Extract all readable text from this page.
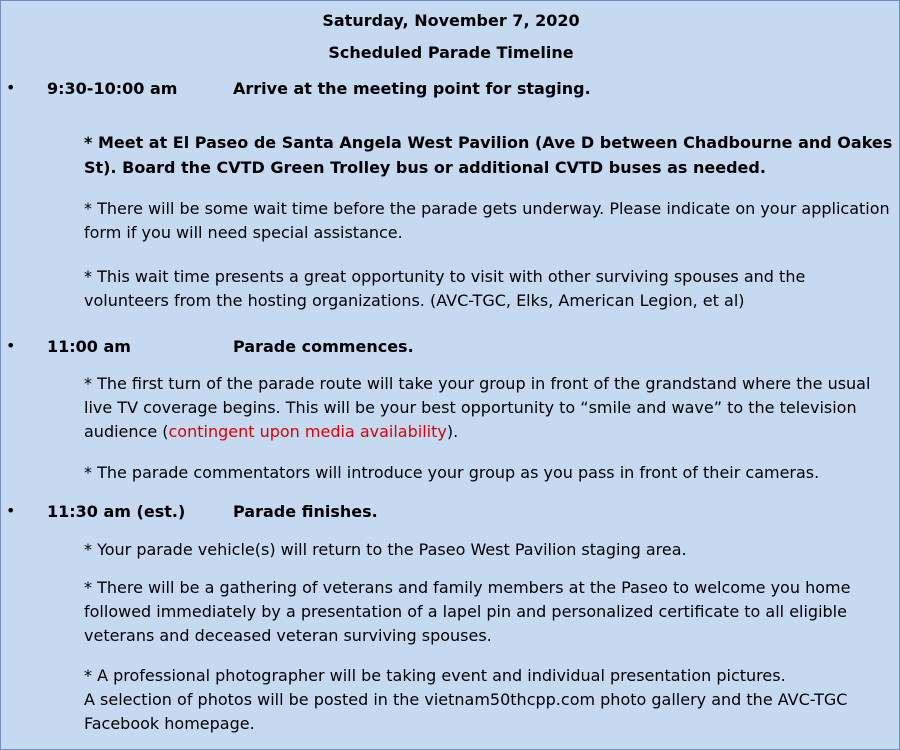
Saturday, November 7, 2020
Scheduled Parade Timeline
• 9:30-10:00 am	Arrive at the meeting point for staging.
* Meet at El Paseo de Santa Angela West Pavilion (Ave D between Chadbourne and Oakes St). Board the CVTD Green Trolley bus or additional CVTD buses as needed.
* There will be some wait time before the parade gets underway. Please indicate on your application form if you will need special assistance.
* This wait time presents a great opportunity to visit with other surviving spouses and the volunteers from the hosting organizations. (AVC-TGC, Elks, American Legion, et al)
• 11:00 am	Parade commences.
* The first turn of the parade route will take your group in front of the grandstand where the usual live TV coverage begins. This will be your best opportunity to “smile and wave” to the television audience (contingent upon media availability).
* The parade commentators will introduce your group as you pass in front of their cameras.
• 11:30 am (est.)	Parade finishes.
* Your parade vehicle(s) will return to the Paseo West Pavilion staging area.
* There will be a gathering of veterans and family members at the Paseo to welcome you home followed immediately by a presentation of a lapel pin and personalized certificate to all eligible veterans and deceased veteran surviving spouses.
* A professional photographer will be taking event and individual presentation pictures.
A selection of photos will be posted in the vietnam50thcpp.com photo gallery and the AVC-TGC Facebook homepage.
